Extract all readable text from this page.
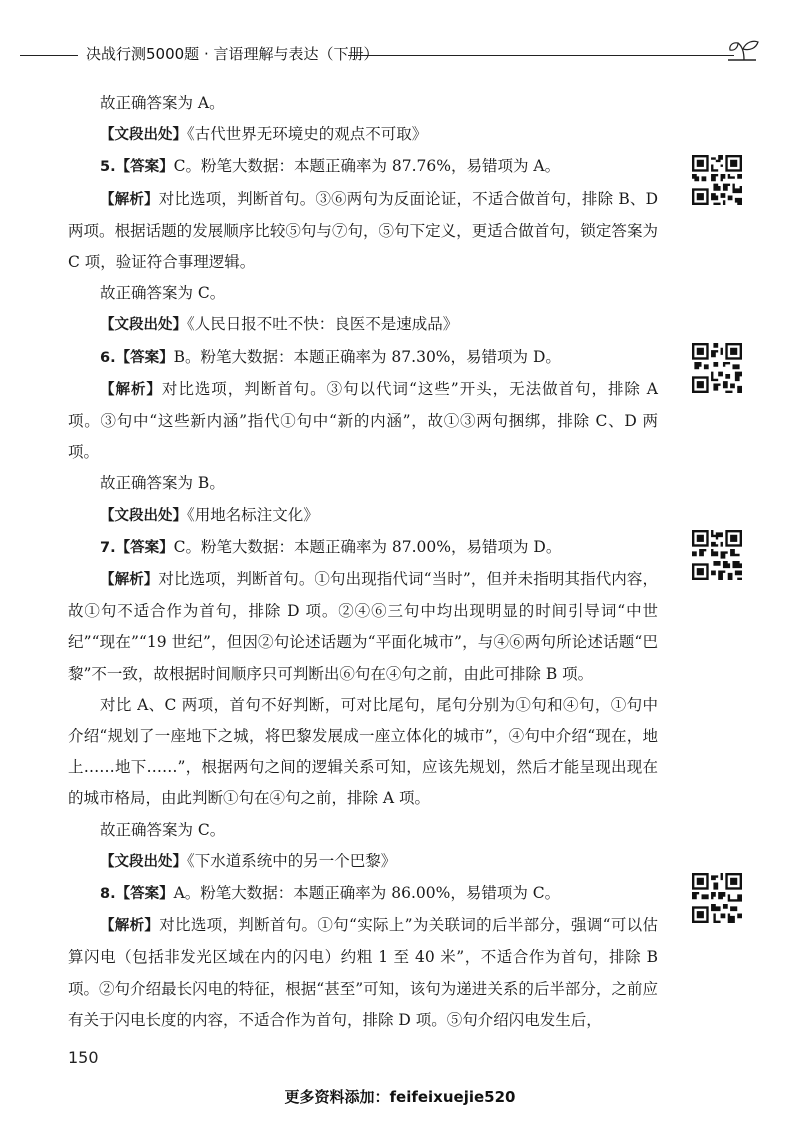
决战行测5000题 · 言语理解与表达（下册）

故正确答案为 A。

【文段出处】《古代世界无环境史的观点不可取》

5.【答案】C。粉笔大数据：本题正确率为 87.76%，易错项为 A。

【解析】对比选项，判断首句。③⑥两句为反面论证，不适合做首句，排除 B、D 两项。根据话题的发展顺序比较⑤句与⑦句，⑤句下定义，更适合做首句，锁定答案为 C 项，验证符合事理逻辑。

故正确答案为 C。

【文段出处】《人民日报不吐不快：良医不是速成品》

6.【答案】B。粉笔大数据：本题正确率为 87.30%，易错项为 D。

【解析】对比选项，判断首句。③句以代词“这些”开头，无法做首句，排除 A 项。③句中“这些新内涵”指代①句中“新的内涵”，故①③两句捆绑，排除 C、D 两项。

故正确答案为 B。

【文段出处】《用地名标注文化》

7.【答案】C。粉笔大数据：本题正确率为 87.00%，易错项为 D。

【解析】对比选项，判断首句。①句出现指代词“当时”，但并未指明其指代内容，故①句不适合作为首句，排除 D 项。②④⑥三句中均出现明显的时间引导词“中世纪”“现在”“19 世纪”，但因②句论述话题为“平面化城市”，与④⑥两句所论述话题“巴黎”不一致，故根据时间顺序只可判断出⑥句在④句之前，由此可排除 B 项。

对比 A、C 两项，首句不好判断，可对比尾句，尾句分别为①句和④句，①句中介绍“规划了一座地下之城，将巴黎发展成一座立体化的城市”，④句中介绍“现在，地上……地下……”，根据两句之间的逻辑关系可知，应该先规划，然后才能呈现出现在的城市格局，由此判断①句在④句之前，排除 A 项。

故正确答案为 C。

【文段出处】《下水道系统中的另一个巴黎》

8.【答案】A。粉笔大数据：本题正确率为 86.00%，易错项为 C。

【解析】对比选项，判断首句。①句“实际上”为关联词的后半部分，强调“可以估算闪电（包括非发光区域在内的闪电）约粗 1 至 40 米”，不适合作为首句，排除 B 项。②句介绍最长闪电的特征，根据“甚至”可知，该句为递进关系的后半部分，之前应有关于闪电长度的内容，不适合作为首句，排除 D 项。⑤句介绍闪电发生后，

150
更多资料添加：feifeixuejie520
